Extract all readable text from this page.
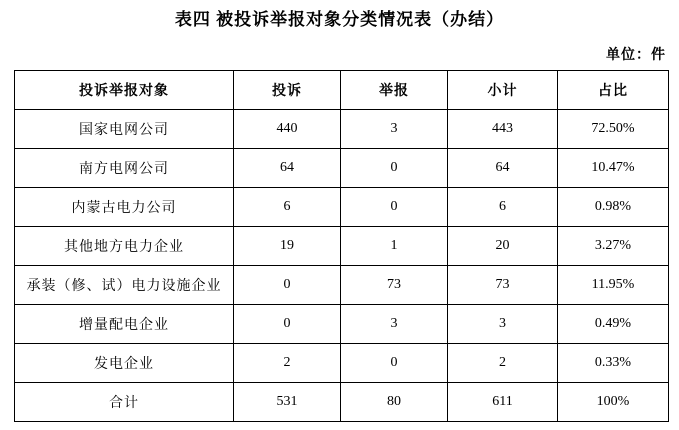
表四 被投诉举报对象分类情况表（办结）
单位：件
投诉举报对象	投诉	举报	小计	占比
国家电网公司	440	3	443	72.50%
南方电网公司	64	0	64	10.47%
内蒙古电力公司	6	0	6	0.98%
其他地方电力企业	19	1	20	3.27%
承装（修、试）电力设施企业	0	73	73	11.95%
增量配电企业	0	3	3	0.49%
发电企业	2	0	2	0.33%
合计	531	80	611	100%
